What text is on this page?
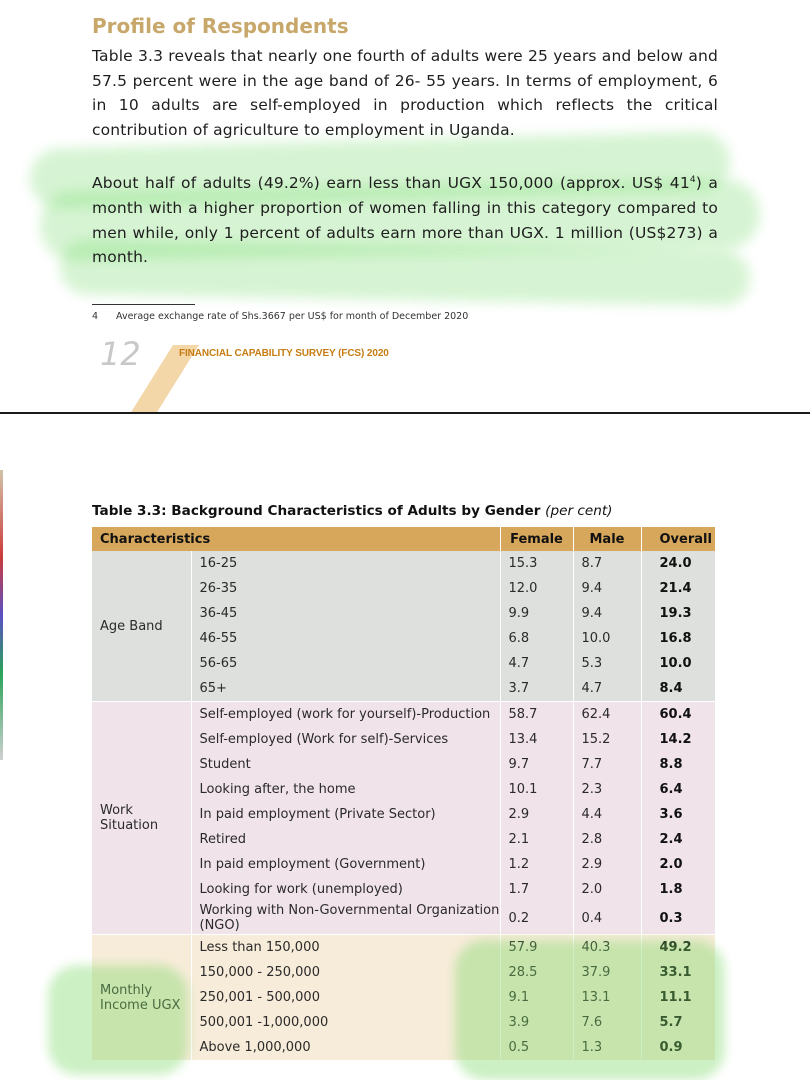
Profile of Respondents

Table 3.3 reveals that nearly one fourth of adults were 25 years and below and 57.5 percent were in the age band of 26- 55 years. In terms of employment, 6 in 10 adults are self-employed in production which reflects the critical contribution of agriculture to employment in Uganda.

About half of adults (49.2%) earn less than UGX 150,000 (approx. US$ $41^4$) a month with a higher proportion of women falling in this category compared to men while, only 1 percent of adults earn more than UGX. 1 million (US$273) a month.

4 Average exchange rate of Shs.3667 per US$ for month of December 2020
12	FINANCIAL CAPABILITY SURVEY (FCS) 2020
Table 3.3: Background Characteristics of Adults by Gender (per cent)
Characteristics		Female	Male	Overall
Age Band	16-25	15.3	8.7	24.0
	26-35	12.0	9.4	21.4
	36-45	9.9	9.4	19.3
	46-55	6.8	10.0	16.8
	56-65	4.7	5.3	10.0
	65+	3.7	4.7	8.4
Work Situation	Self-employed (work for yourself)-Production	58.7	62.4	60.4
	Self-employed (Work for self)-Services	13.4	15.2	14.2
	Student	9.7	7.7	8.8
	Looking after, the home	10.1	2.3	6.4
	In paid employment (Private Sector)	2.9	4.4	3.6
	Retired	2.1	2.8	2.4
	In paid employment (Government)	1.2	2.9	2.0
	Looking for work (unemployed)	1.7	2.0	1.8
	Working with Non-Governmental Organization (NGO)	0.2	0.4	0.3
Monthly Income UGX	Less than 150,000	57.9	40.3	49.2
	150,000 - 250,000	28.5	37.9	33.1
	250,001 - 500,000	9.1	13.1	11.1
	500,001 -1,000,000	3.9	7.6	5.7
	Above 1,000,000	0.5	1.3	0.9
